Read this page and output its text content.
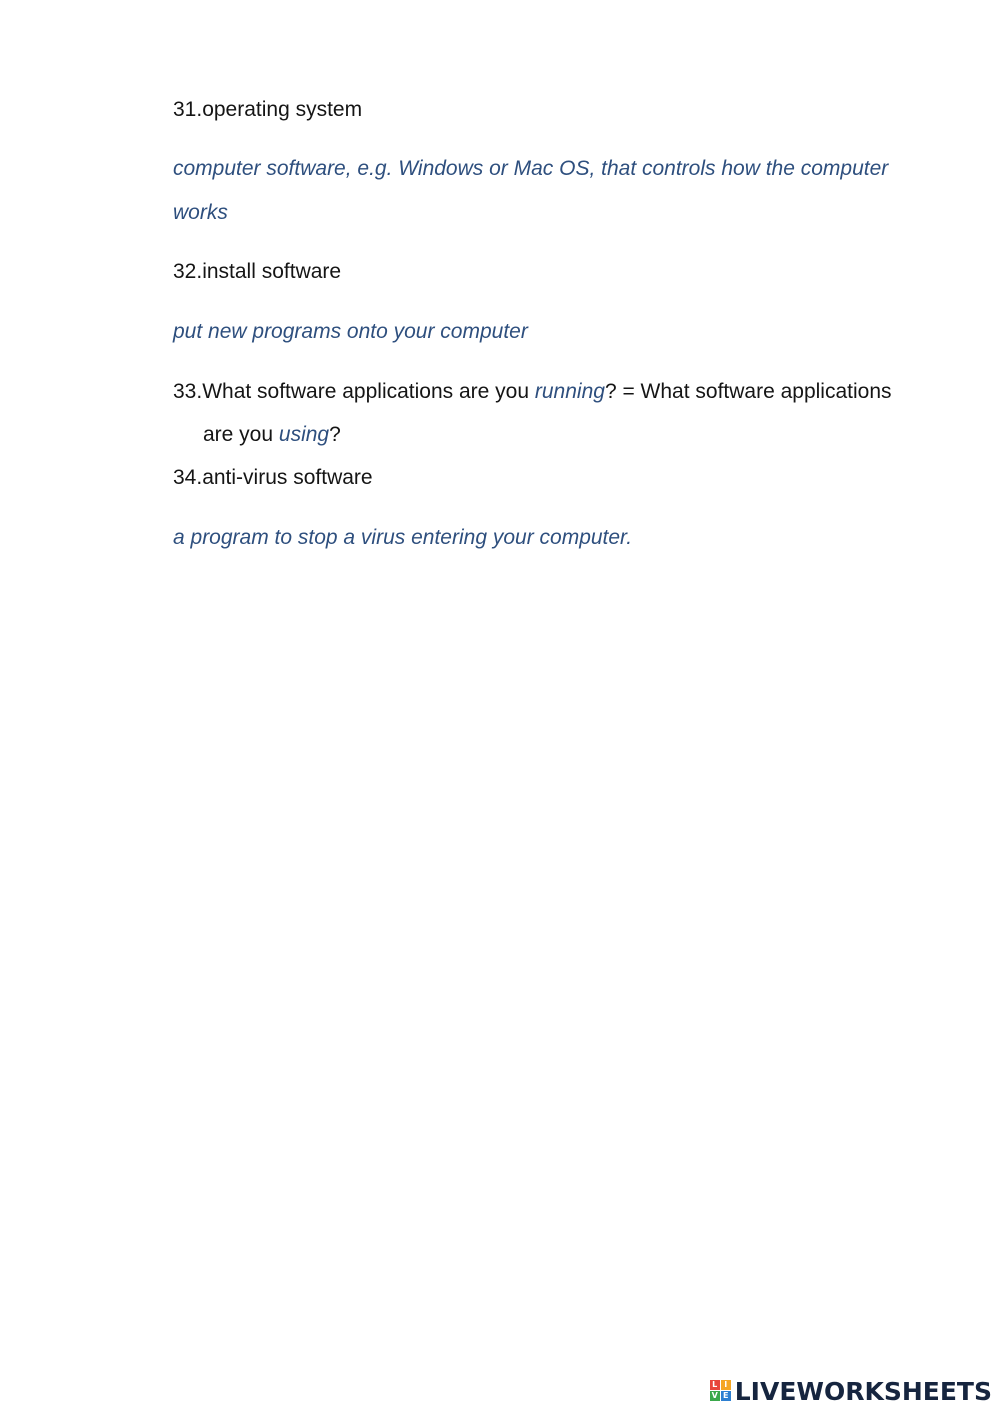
31.operating system
computer software, e.g. Windows or Mac OS, that controls how the computer
works
32.install software
put new programs onto your computer
33.What software applications are you running? = What software applications
are you using?
34.anti-virus software
a program to stop a virus entering your computer.
L I
V E LIVEWORKSHEETS
